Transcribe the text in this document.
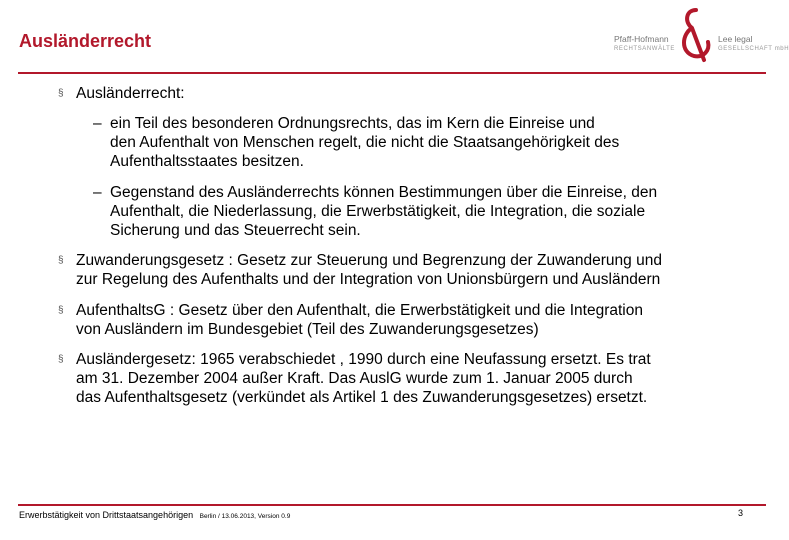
Ausländerrecht	Pfaff-Hofmann
RECHTSANWÄLTE
Lee legal
GESELLSCHAFT mbH
§ Ausländerrecht:
– ein Teil des besonderen Ordnungsrechts, das im Kern die Einreise und
den Aufenthalt von Menschen regelt, die nicht die Staatsangehörigkeit des
Aufenthaltsstaates besitzen.
– Gegenstand des Ausländerrechts können Bestimmungen über die Einreise, den
Aufenthalt, die Niederlassung, die Erwerbstätigkeit, die Integration, die soziale
Sicherung und das Steuerrecht sein.
§ Zuwanderungsgesetz : Gesetz zur Steuerung und Begrenzung der Zuwanderung und
zur Regelung des Aufenthalts und der Integration von Unionsbürgern und Ausländern
§ AufenthaltsG : Gesetz über den Aufenthalt, die Erwerbstätigkeit und die Integration
von Ausländern im Bundesgebiet (Teil des Zuwanderungsgesetzes)
§ Ausländergesetz: 1965 verabschiedet , 1990 durch eine Neufassung ersetzt. Es trat
am 31. Dezember 2004 außer Kraft. Das AuslG wurde zum 1. Januar 2005 durch
das Aufenthaltsgesetz (verkündet als Artikel 1 des Zuwanderungsgesetzes) ersetzt.
Erwerbstätigkeit von Drittstaatsangehörigen Berlin / 13.06.2013, Version 0.9	3
